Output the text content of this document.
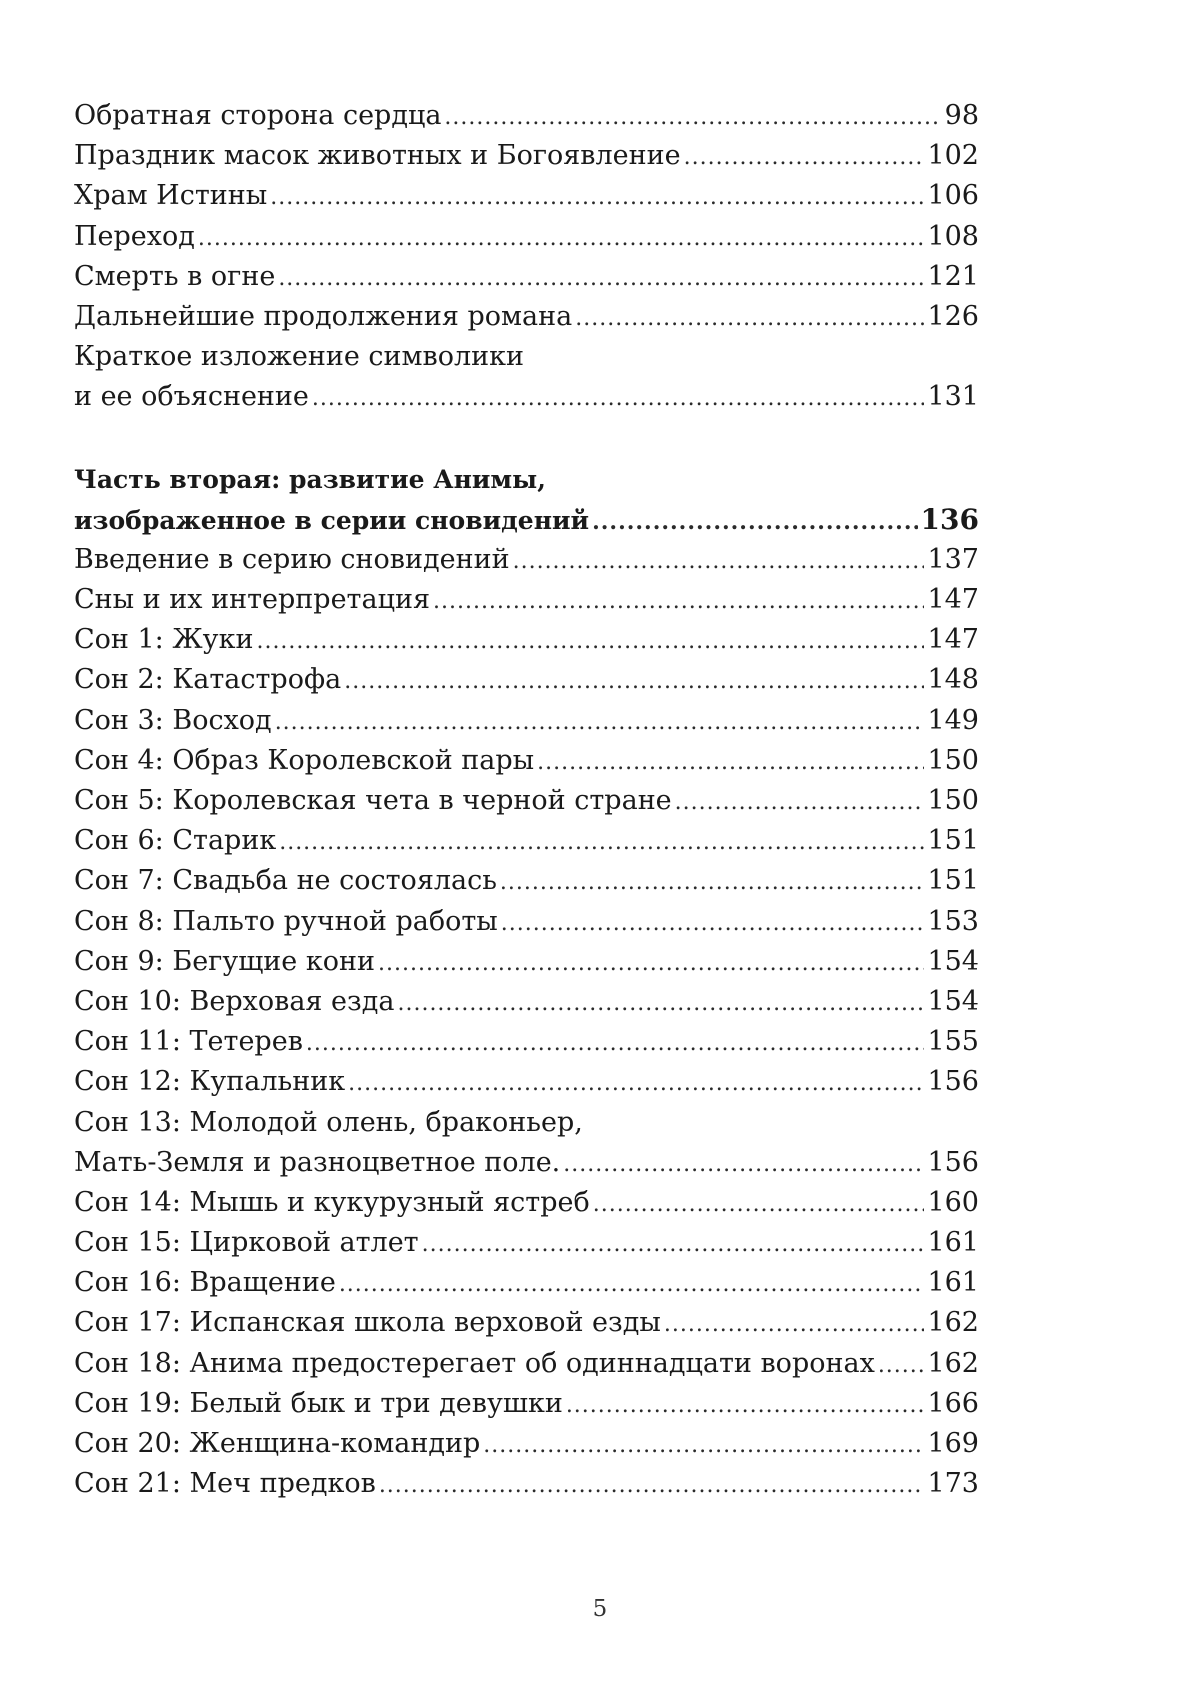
Обратная сторона сердца .....	98
Праздник масок животных и Богоявление .....	102
Храм Истины .....	106
Переход .....	108
Смерть в огне .....	121
Дальнейшие продолжения романа .....	126
Краткое изложение символики
и ее объяснение .....	131
Часть вторая: развитие Анимы,
изображенное в серии сновидений .....	136
Введение в серию сновидений .....	137
Сны и их интерпретация .....	147
Сон 1: Жуки .....	147
Сон 2: Катастрофа .....	148
Сон 3: Восход .....	149
Сон 4: Образ Королевской пары .....	150
Сон 5: Королевская чета в черной стране .....	150
Сон 6: Старик .....	151
Сон 7: Свадьба не состоялась .....	151
Сон 8: Пальто ручной работы .....	153
Сон 9: Бегущие кони .....	154
Сон 10: Верховая езда .....	154
Сон 11: Тетерев .....	155
Сон 12: Купальник .....	156
Сон 13: Молодой олень, браконьер,
Мать-Земля и разноцветное поле. .....	156
Сон 14: Мышь и кукурузный ястреб .....	160
Сон 15: Цирковой атлет .....	161
Сон 16: Вращение .....	161
Сон 17: Испанская школа верховой езды .....	162
Сон 18: Анима предостерегает об одиннадцати воронах ..... 162
Сон 19: Белый бык и три девушки .....	166
Сон 20: Женщина-командир .....	169
Сон 21: Меч предков .....	173
5
